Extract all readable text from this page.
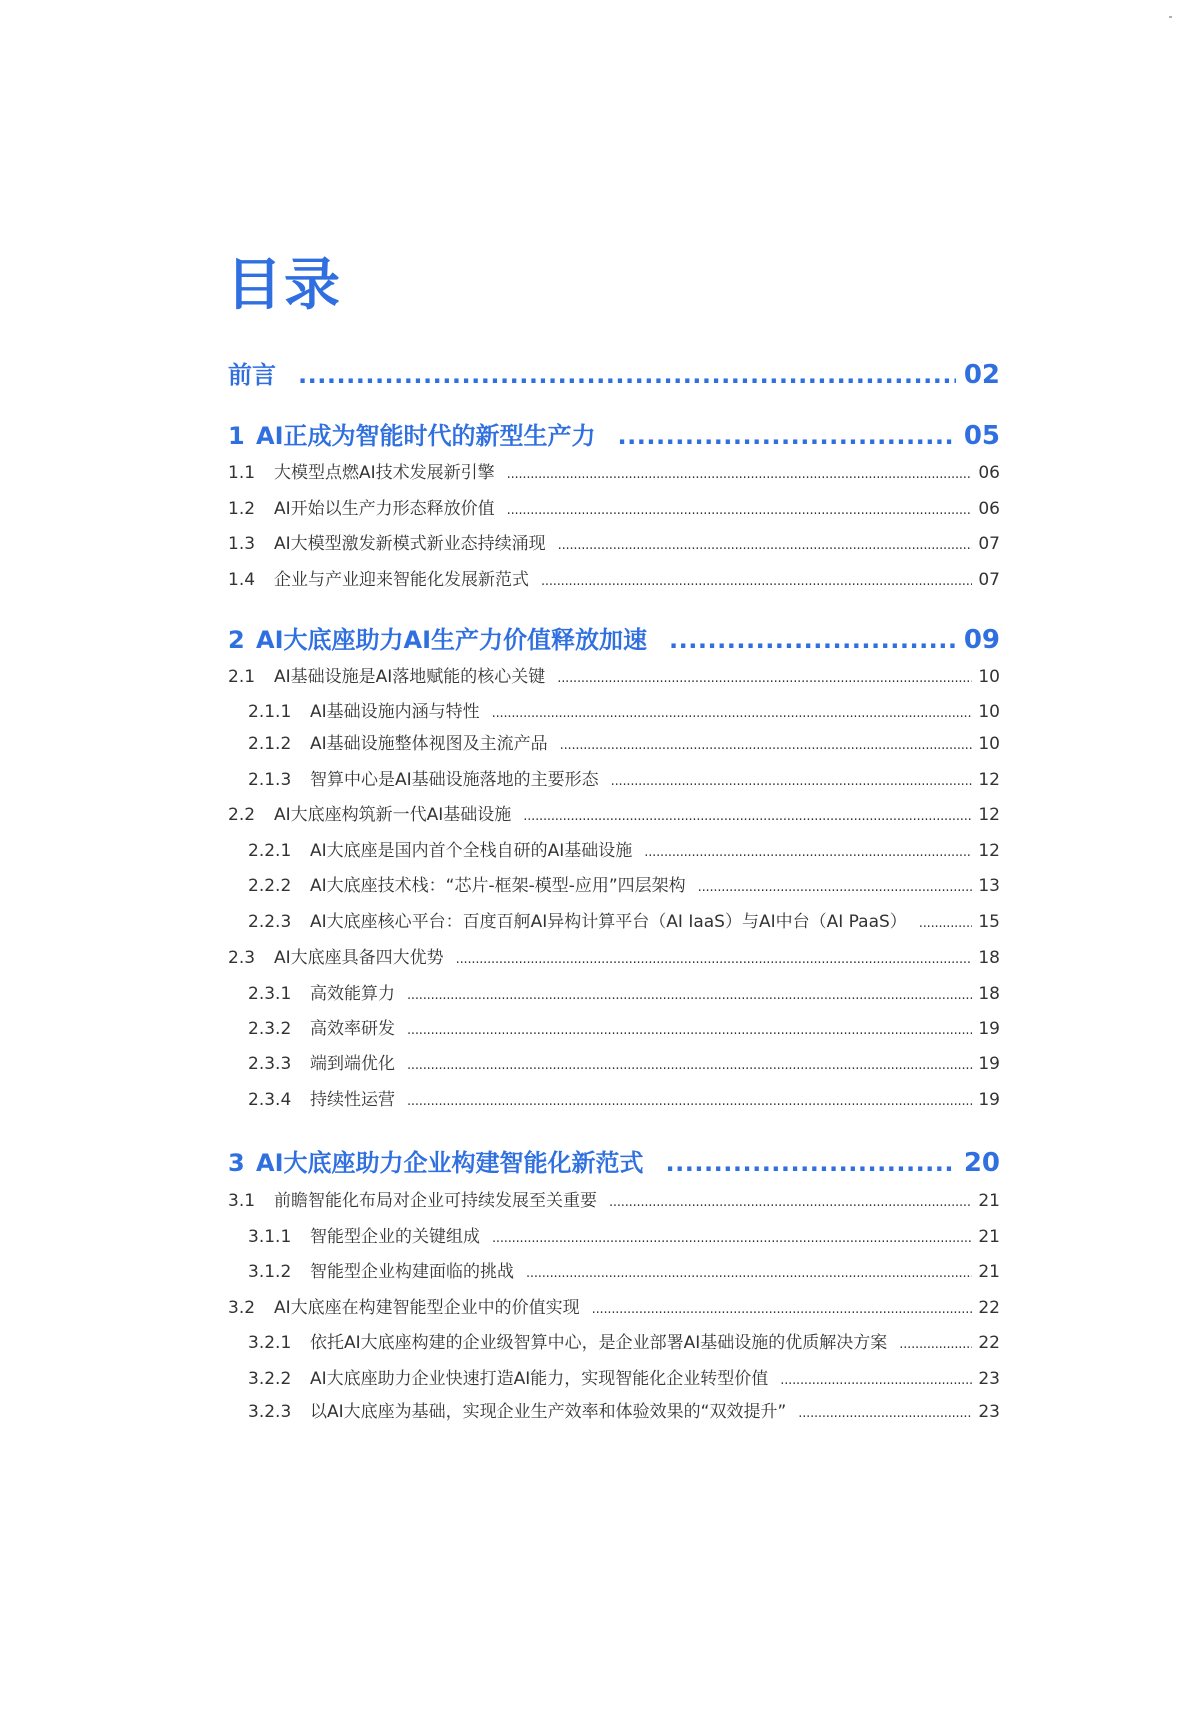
目录
前言 .....	02
1 AI正成为智能时代的新型生产力 .....	05
1.1	大模型点燃AI技术发展新引擎 .....	06
1.2	AI开始以生产力形态释放价值 .....	06
1.3	AI大模型激发新模式新业态持续涌现 .....	07
1.4	企业与产业迎来智能化发展新范式 .....	07
2 AI大底座助力AI生产力价值释放加速 .....	09
2.1	AI基础设施是AI落地赋能的核心关键 .....	10
2.1.1	AI基础设施内涵与特性 .....	10
2.1.2	AI基础设施整体视图及主流产品 .....	10
2.1.3	智算中心是AI基础设施落地的主要形态 .....	12
2.2	AI大底座构筑新一代AI基础设施 .....	12
2.2.1	AI大底座是国内首个全栈自研的AI基础设施 .....	12
2.2.2	AI大底座技术栈：“芯片-框架-模型-应用”四层架构 .....	13
2.2.3	AI大底座核心平台：百度百舸AI异构计算平台（AI IaaS）与AI中台（AI PaaS） .....	15
2.3	AI大底座具备四大优势 .....	18
2.3.1	高效能算力 .....	18
2.3.2	高效率研发 .....	19
2.3.3	端到端优化 .....	19
2.3.4	持续性运营 .....	19
3 AI大底座助力企业构建智能化新范式 .....	20
3.1	前瞻智能化布局对企业可持续发展至关重要 .....	21
3.1.1	智能型企业的关键组成 .....	21
3.1.2	智能型企业构建面临的挑战 .....	21
3.2	AI大底座在构建智能型企业中的价值实现 .....	22
3.2.1	依托AI大底座构建的企业级智算中心，是企业部署AI基础设施的优质解决方案 .....	22
3.2.2	AI大底座助力企业快速打造AI能力，实现智能化企业转型价值 .....	23
3.2.3	以AI大底座为基础，实现企业生产效率和体验效果的“双效提升” .....	23
